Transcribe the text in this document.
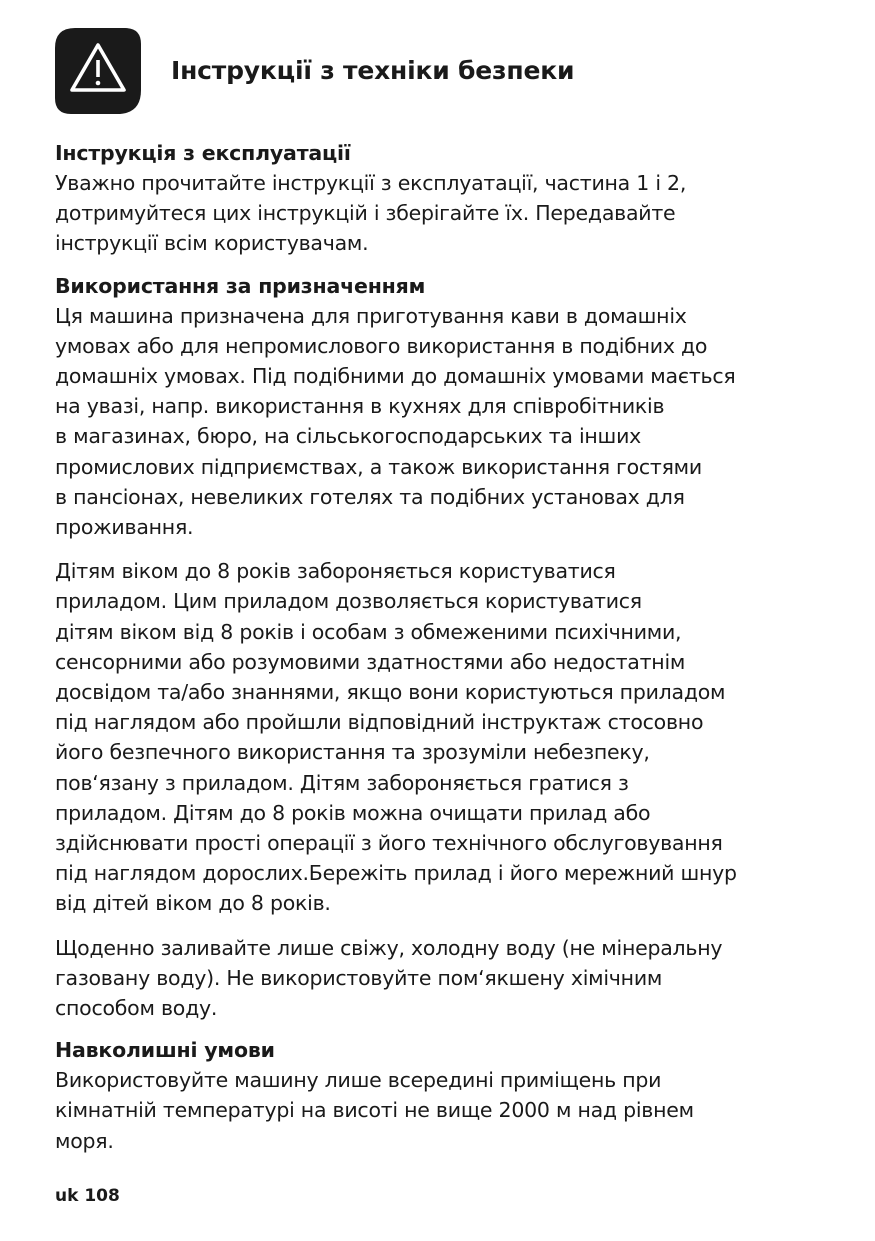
Інструкції з техніки безпеки
Інструкція з експлуатації

Уважно прочитайте інструкції з експлуатації, частина 1 і 2,
дотримуйтеся цих інструкцій і зберігайте їх. Передавайте
інструкції всім користувачам.

Використання за призначенням

Ця машина призначена для приготування кави в домашніх
умовах або для непромислового використання в подібних до
домашніх умовах. Під подібними до домашніх умовами мається
на увазі, напр. використання в кухнях для співробітників
в магазинах, бюро, на сільськогосподарських та інших
промислових підприємствах, а також використання гостями
в пансіонах, невеликих готелях та подібних установах для
проживання.

Дітям віком до 8 років забороняється користуватися
приладом. Цим приладом дозволяється користуватися
дітям віком від 8 років і особам з обмеженими психічними,
сенсорними або розумовими здатностями або недостатнім
досвідом та/або знаннями, якщо вони користуються приладом
під наглядом або пройшли відповідний інструктаж стосовно
його безпечного використання та зрозуміли небезпеку,
пов‘язану з приладом. Дітям забороняється гратися з
приладом. Дітям до 8 років можна очищати прилад або
здійснювати прості операції з його технічного обслуговування
під наглядом дорослих.Бережіть прилад і його мережний шнур
від дітей віком до 8 років.

Щоденно заливайте лише свіжу, холодну воду (не мінеральну
газовану воду). Не використовуйте пом‘якшену хімічним
способом воду.

Навколишні умови

Використовуйте машину лише всередині приміщень при
кімнатній температурі на висоті не вище 2000 м над рівнем
моря.

uk 108
